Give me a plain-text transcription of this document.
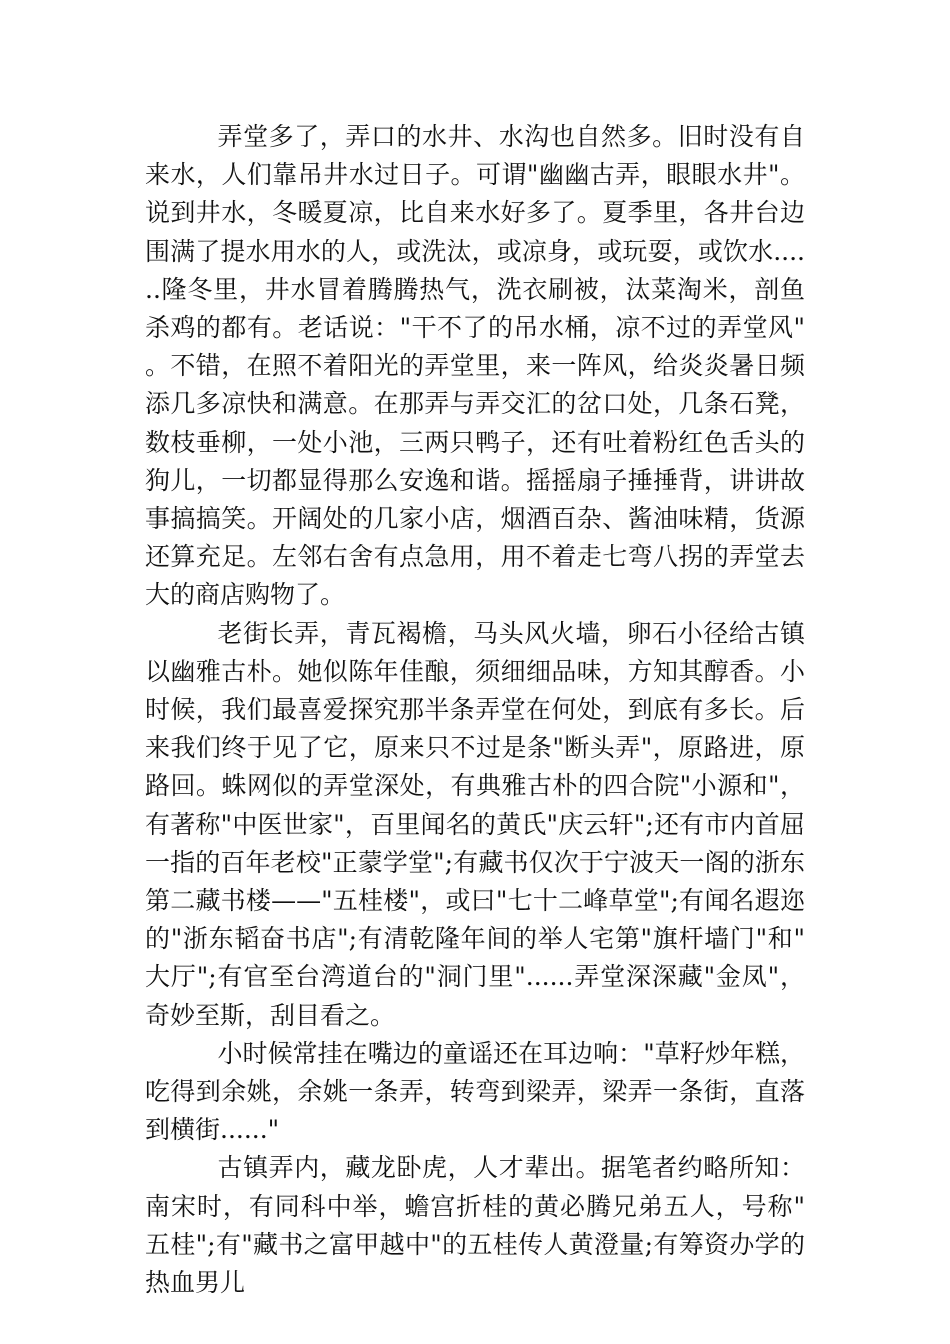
弄堂多了，弄口的水井、水沟也自然多。旧时没有自来水，人们靠吊井水过日子。可谓"幽幽古弄，眼眼水井"。说到井水，冬暖夏凉，比自来水好多了。夏季里，各井台边围满了提水用水的人，或洗汰，或凉身，或玩耍，或饮水......隆冬里，井水冒着腾腾热气，洗衣刷被，汰菜淘米，剖鱼杀鸡的都有。老话说："干不了的吊水桶，凉不过的弄堂风"。不错，在照不着阳光的弄堂里，来一阵风，给炎炎暑日频添几多凉快和满意。在那弄与弄交汇的岔口处，几条石凳，数枝垂柳，一处小池，三两只鸭子，还有吐着粉红色舌头的狗儿，一切都显得那么安逸和谐。摇摇扇子捶捶背，讲讲故事搞搞笑。开阔处的几家小店，烟酒百杂、酱油味精，货源还算充足。左邻右舍有点急用，用不着走七弯八拐的弄堂去大的商店购物了。

老街长弄，青瓦褐檐，马头风火墙，卵石小径给古镇以幽雅古朴。她似陈年佳酿，须细细品味，方知其醇香。小时候，我们最喜爱探究那半条弄堂在何处，到底有多长。后来我们终于见了它，原来只不过是条"断头弄"，原路进，原路回。蛛网似的弄堂深处，有典雅古朴的四合院"小源和"，有著称"中医世家"，百里闻名的黄氏"庆云轩";还有市内首屈一指的百年老校"正蒙学堂";有藏书仅次于宁波天一阁的浙东第二藏书楼——"五桂楼"，或曰"七十二峰草堂";有闻名遐迩的"浙东韬奋书店";有清乾隆年间的举人宅第"旗杆墙门"和"大厅";有官至台湾道台的"洞门里"......弄堂深深藏"金凤"，奇妙至斯，刮目看之。

小时候常挂在嘴边的童谣还在耳边响："草籽炒年糕，吃得到余姚，余姚一条弄，转弯到梁弄，梁弄一条街，直落到横街......"

古镇弄内，藏龙卧虎，人才辈出。据笔者约略所知：南宋时，有同科中举，蟾宫折桂的黄必腾兄弟五人，号称"五桂";有"藏书之富甲越中"的五桂传人黄澄量;有筹资办学的热血男儿
